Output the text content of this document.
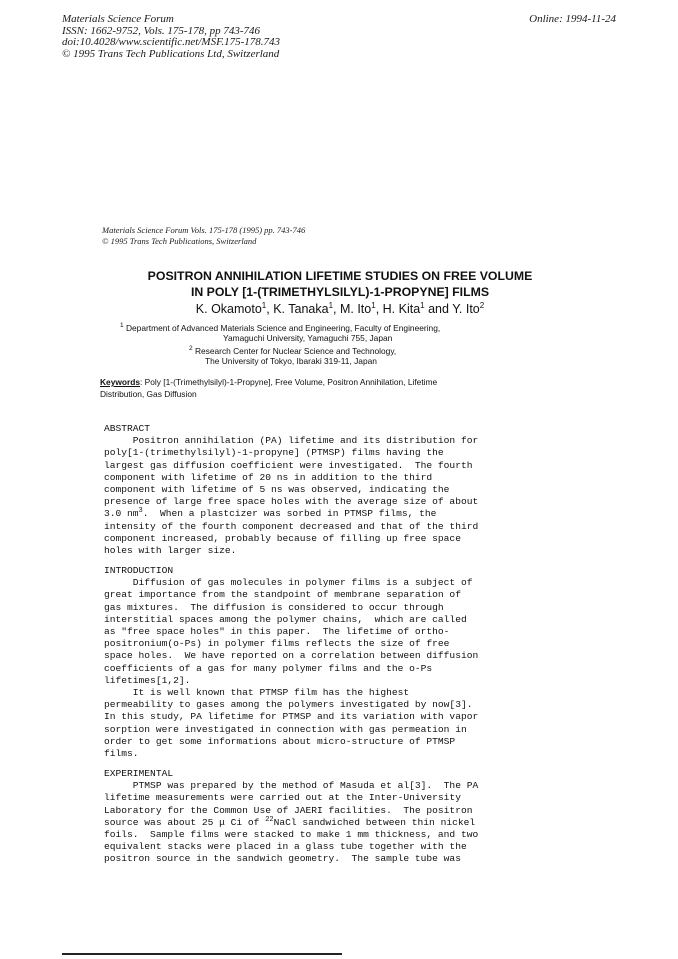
Materials Science Forum
ISSN: 1662-9752, Vols. 175-178, pp 743-746
doi:10.4028/www.scientific.net/MSF.175-178.743
© 1995 Trans Tech Publications Ltd, Switzerland
Online: 1994-11-24
Materials Science Forum Vols. 175-178 (1995) pp. 743-746
© 1995 Trans Tech Publications, Switzerland
POSITRON ANNIHILATION LIFETIME STUDIES ON FREE VOLUME
IN POLY [1-(TRIMETHYLSILYL)-1-PROPYNE] FILMS
K. Okamoto$^1$, K. Tanaka$^1$, M. Ito$^1$, H. Kita$^1$ and Y. Ito$^2$
$^1$ Department of Advanced Materials Science and Engineering, Faculty of Engineering,
Yamaguchi University, Yamaguchi 755, Japan
$^2$ Research Center for Nuclear Science and Technology,
The University of Tokyo, Ibaraki 319-11, Japan
Keywords: Poly [1-(Trimethylsilyl)-1-Propyne], Free Volume, Positron Annihilation, Lifetime
Distribution, Gas Diffusion
ABSTRACT
Positron annihilation (PA) lifetime and its distribution for
poly[1-(trimethylsilyl)-1-propyne] (PTMSP) films having the
largest gas diffusion coefficient were investigated.  The fourth
component with lifetime of 20 ns in addition to the third
component with lifetime of 5 ns was observed, indicating the
presence of large free space holes with the average size of about
3.0 $nm^3$.  When a plastcizer was sorbed in PTMSP films, the
intensity of the fourth component decreased and that of the third
component increased, probably because of filling up free space
holes with larger size.
INTRODUCTION
Diffusion of gas molecules in polymer films is a subject of
great importance from the standpoint of membrane separation of
gas mixtures.  The diffusion is considered to occur through
interstitial spaces among the polymer chains,  which are called
as "free space holes" in this paper.  The lifetime of ortho-
positronium(o-Ps) in polymer films reflects the size of free
space holes.  We have reported on a correlation between diffusion
coefficients of a gas for many polymer films and the o-Ps
lifetimes[1,2].
It is well known that PTMSP film has the highest
permeability to gases among the polymers investigated by now[3].
In this study, PA lifetime for PTMSP and its variation with vapor
sorption were investigated in connection with gas permeation in
order to get some informations about micro-structure of PTMSP
films.
EXPERIMENTAL
PTMSP was prepared by the method of Masuda et al[3].  The PA
lifetime measurements were carried out at the Inter-University
Laboratory for the Common Use of JAERI facilities.  The positron
source was about 25 μ Ci of $^{22}$NaCl sandwiched between thin nickel
foils.  Sample films were stacked to make 1 mm thickness, and two
equivalent stacks were placed in a glass tube together with the
positron source in the sandwich geometry.  The sample tube was
